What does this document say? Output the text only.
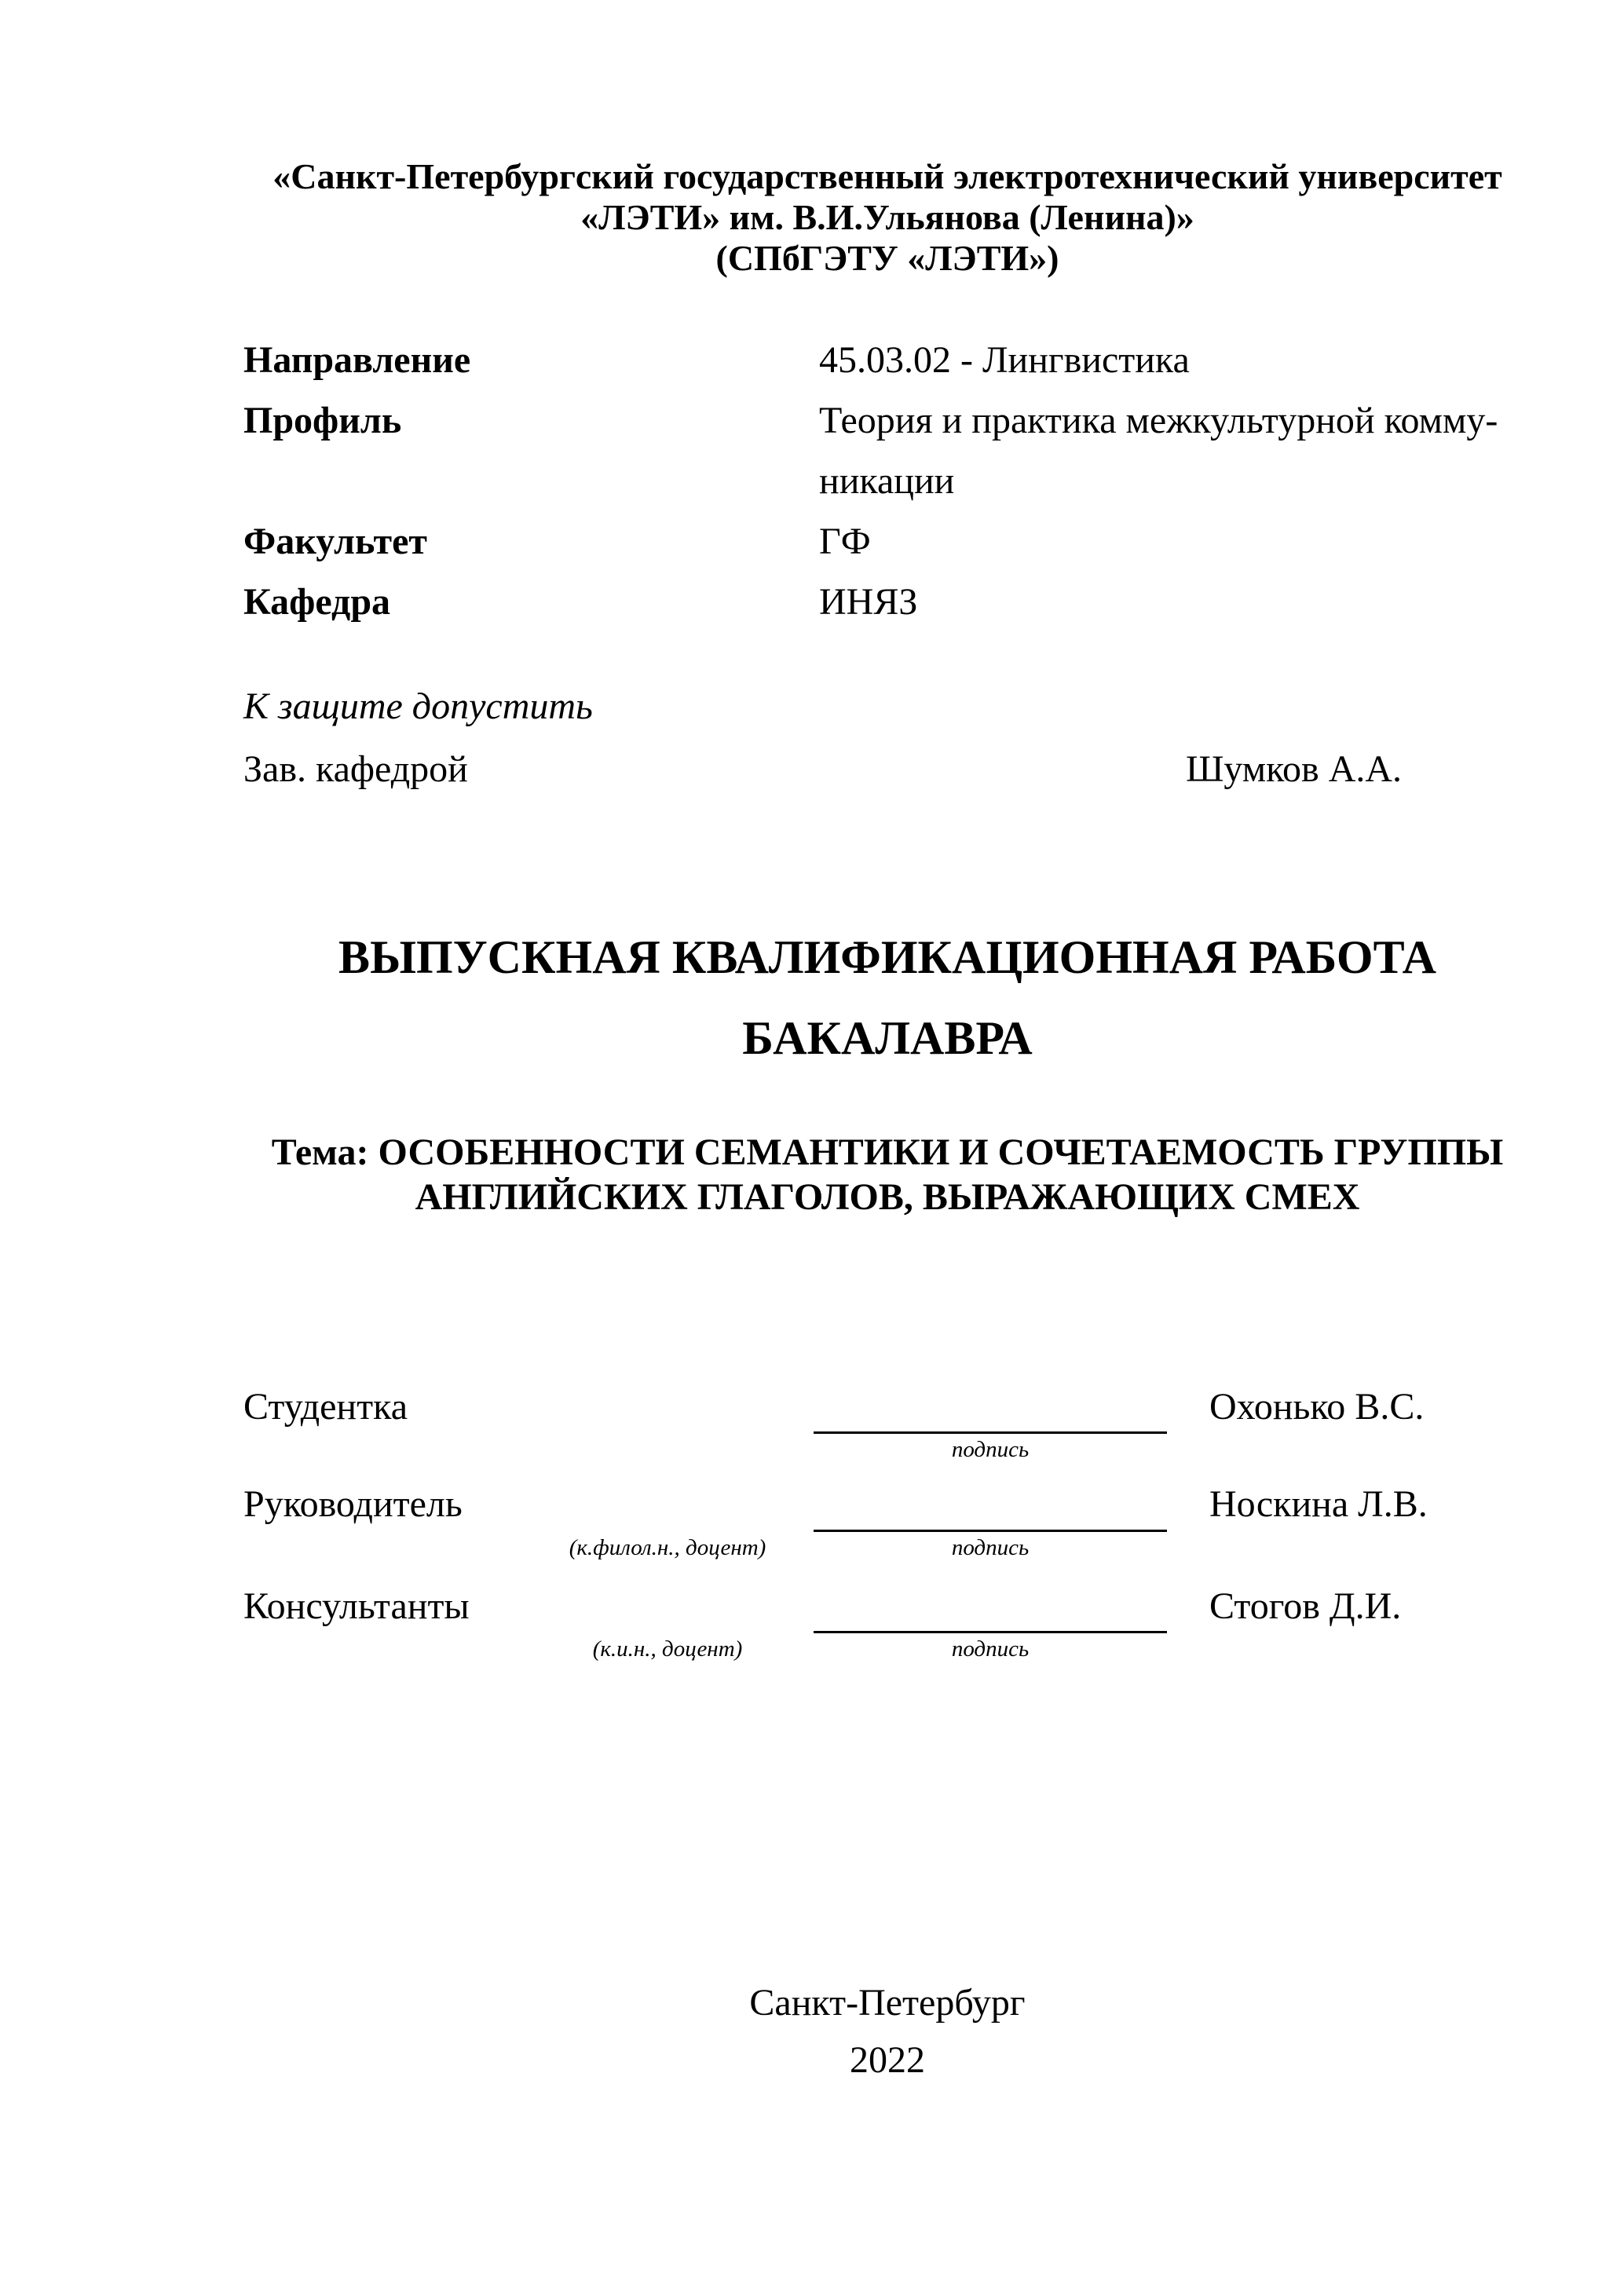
«Санкт-Петербургский государственный электротехнический университет
«ЛЭТИ» им. В.И.Ульянова (Ленина)»
(СПбГЭТУ «ЛЭТИ»)
Направление	45.03.02 - Лингвистика
Профиль	Теория и практика межкультурной комму-
никации
Факультет	ГФ
Кафедра	ИНЯЗ
К защите допустить
Зав. кафедрой	Шумков А.А.
ВЫПУСКНАЯ КВАЛИФИКАЦИОННАЯ РАБОТА
БАКАЛАВРА
Тема: ОСОБЕННОСТИ СЕМАНТИКИ И СОЧЕТАЕМОСТЬ ГРУППЫ
АНГЛИЙСКИХ ГЛАГОЛОВ, ВЫРАЖАЮЩИХ СМЕХ
Студентка
подпись
Охонько В.С.
Руководитель
(к.филол.н., доцент)	подпись
Носкина Л.В.
Консультанты
(к.и.н., доцент)	подпись
Стогов Д.И.
Санкт-Петербург
2022
